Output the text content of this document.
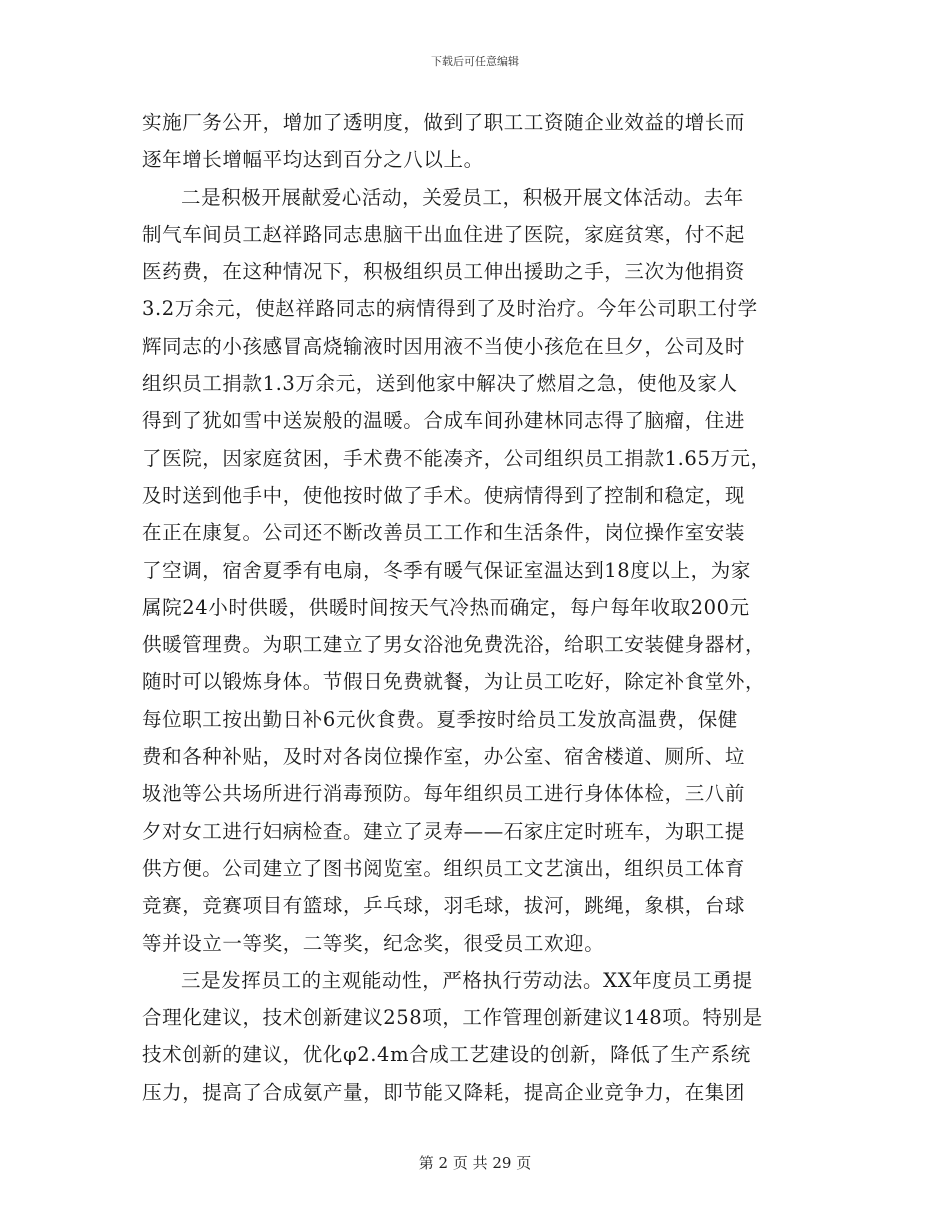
下载后可任意编辑
实施厂务公开，增加了透明度，做到了职工工资随企业效益的增长而
逐年增长增幅平均达到百分之八以上。
二是积极开展献爱心活动，关爱员工，积极开展文体活动。去年
制气车间员工赵祥路同志患脑干出血住进了医院，家庭贫寒，付不起
医药费，在这种情况下，积极组织员工伸出援助之手，三次为他捐资
3.2万余元，使赵祥路同志的病情得到了及时治疗。今年公司职工付学
辉同志的小孩感冒高烧输液时因用液不当使小孩危在旦夕，公司及时
组织员工捐款1.3万余元，送到他家中解决了燃眉之急，使他及家人
得到了犹如雪中送炭般的温暖。合成车间孙建林同志得了脑瘤，住进
了医院，因家庭贫困，手术费不能凑齐，公司组织员工捐款1.65万元，
及时送到他手中，使他按时做了手术。使病情得到了控制和稳定，现
在正在康复。公司还不断改善员工工作和生活条件，岗位操作室安装
了空调，宿舍夏季有电扇，冬季有暖气保证室温达到18度以上，为家
属院24小时供暖，供暖时间按天气冷热而确定，每户每年收取200元
供暖管理费。为职工建立了男女浴池免费洗浴，给职工安装健身器材，
随时可以锻炼身体。节假日免费就餐，为让员工吃好，除定补食堂外，
每位职工按出勤日补6元伙食费。夏季按时给员工发放高温费，保健
费和各种补贴，及时对各岗位操作室，办公室、宿舍楼道、厕所、垃
圾池等公共场所进行消毒预防。每年组织员工进行身体体检，三八前
夕对女工进行妇病检查。建立了灵寿——石家庄定时班车，为职工提
供方便。公司建立了图书阅览室。组织员工文艺演出，组织员工体育
竞赛，竞赛项目有篮球，乒乓球，羽毛球，拔河，跳绳，象棋，台球
等并设立一等奖，二等奖，纪念奖，很受员工欢迎。
三是发挥员工的主观能动性，严格执行劳动法。XX年度员工勇提
合理化建议，技术创新建议258项，工作管理创新建议148项。特别是
技术创新的建议，优化φ2.4m合成工艺建设的创新，降低了生产系统
压力，提高了合成氨产量，即节能又降耗，提高企业竞争力，在集团
第 2 页 共 29 页
